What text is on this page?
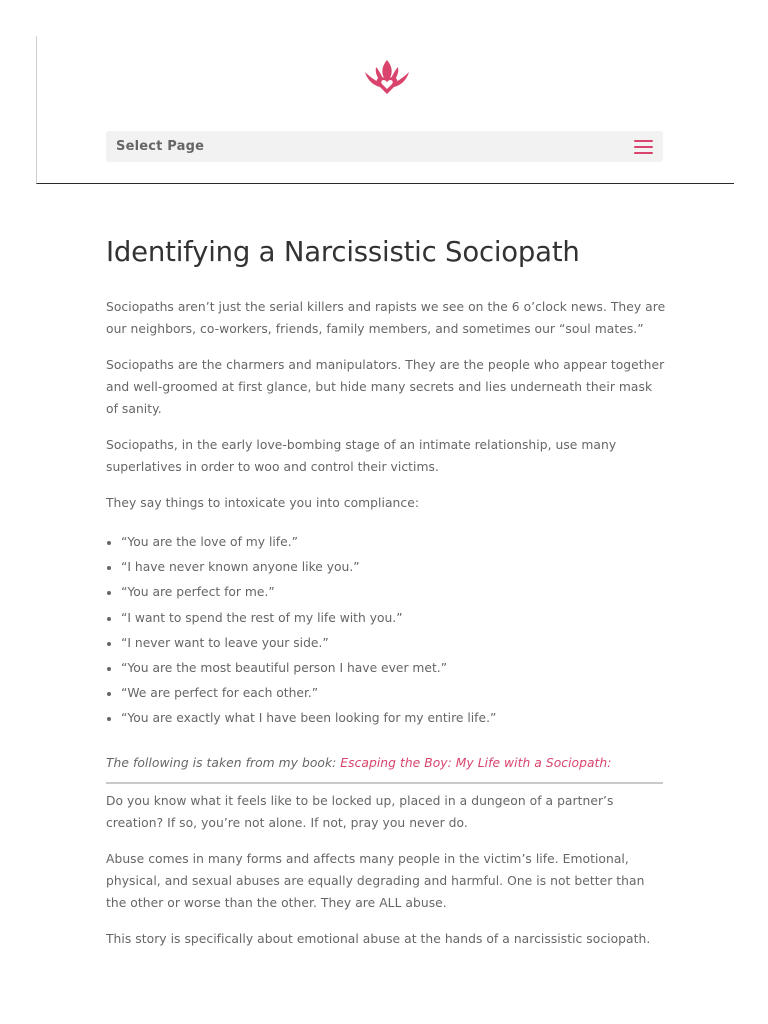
Select Page
Identifying a Narcissistic Sociopath

Sociopaths aren’t just the serial killers and rapists we see on the 6 o’clock news. They are our neighbors, co-workers, friends, family members, and sometimes our “soul mates.”

Sociopaths are the charmers and manipulators. They are the people who appear together and well-groomed at first glance, but hide many secrets and lies underneath their mask of sanity.

Sociopaths, in the early love-bombing stage of an intimate relationship, use many superlatives in order to woo and control their victims.

They say things to intoxicate you into compliance:

• “You are the love of my life.”
• “I have never known anyone like you.”
• “You are perfect for me.”
• “I want to spend the rest of my life with you.”
• “I never want to leave your side.”
• “You are the most beautiful person I have ever met.”
• “We are perfect for each other.”
• “You are exactly what I have been looking for my entire life.”

The following is taken from my book: Escaping the Boy: My Life with a Sociopath:

Do you know what it feels like to be locked up, placed in a dungeon of a partner’s creation? If so, you’re not alone. If not, pray you never do.

Abuse comes in many forms and affects many people in the victim’s life. Emotional, physical, and sexual abuses are equally degrading and harmful. One is not better than the other or worse than the other. They are ALL abuse.

This story is specifically about emotional abuse at the hands of a narcissistic sociopath.
